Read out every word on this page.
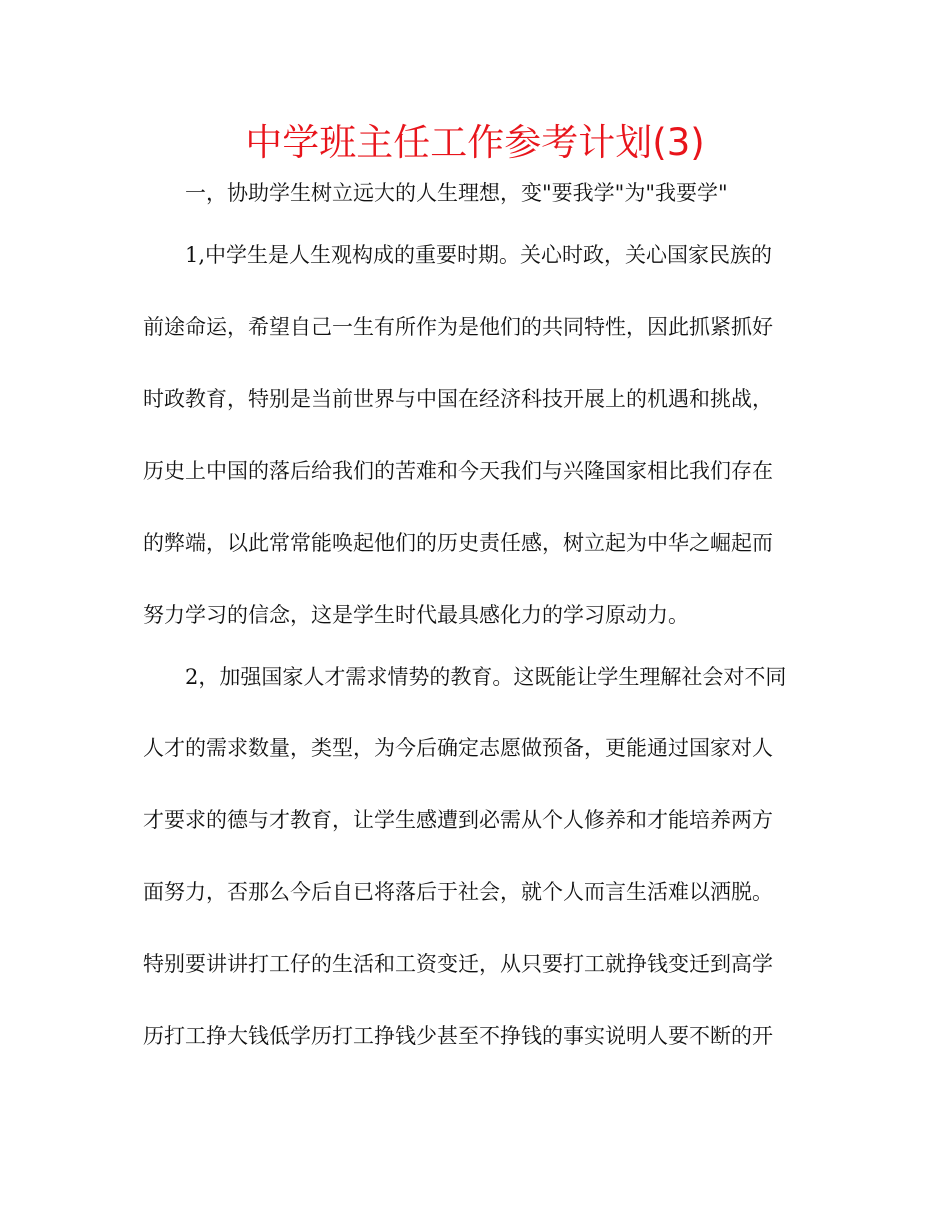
中学班主任工作参考计划(3)
一，协助学生树立远大的人生理想，变"要我学"为"我要学"
1,中学生是人生观构成的重要时期。关心时政，关心国家民族的
前途命运，希望自己一生有所作为是他们的共同特性，因此抓紧抓好
时政教育，特别是当前世界与中国在经济科技开展上的机遇和挑战，
历史上中国的落后给我们的苦难和今天我们与兴隆国家相比我们存在
的弊端，以此常常能唤起他们的历史责任感，树立起为中华之崛起而
努力学习的信念，这是学生时代最具感化力的学习原动力。
2，加强国家人才需求情势的教育。这既能让学生理解社会对不同
人才的需求数量，类型，为今后确定志愿做预备，更能通过国家对人
才要求的德与才教育，让学生感遭到必需从个人修养和才能培养两方
面努力，否那么今后自已将落后于社会，就个人而言生活难以洒脱。
特别要讲讲打工仔的生活和工资变迁，从只要打工就挣钱变迁到高学
历打工挣大钱低学历打工挣钱少甚至不挣钱的事实说明人要不断的开
